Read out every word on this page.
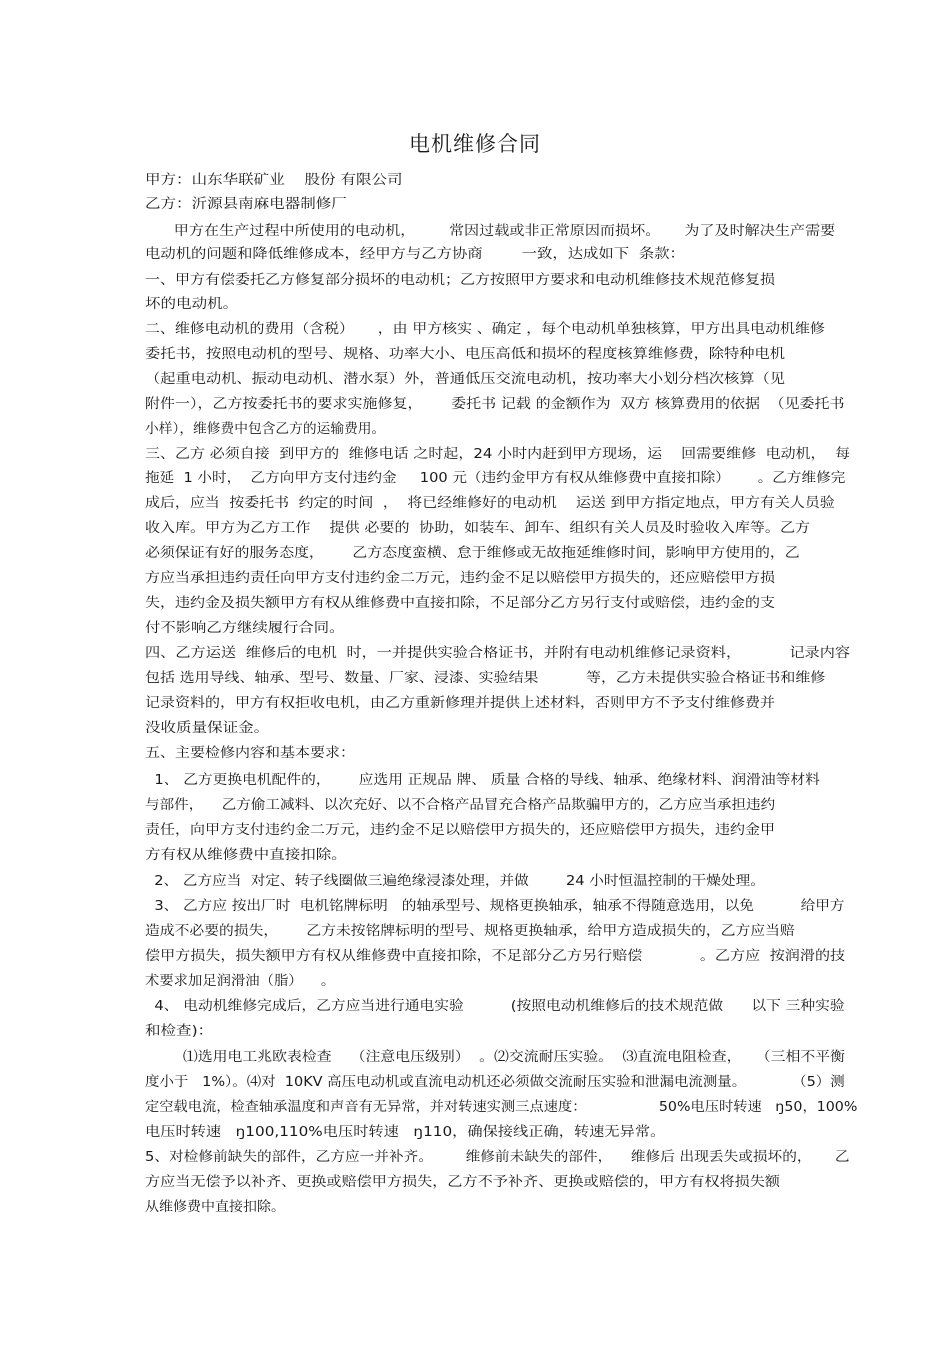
电机维修合同
甲方：山东华联矿业    股份 有限公司
乙方：沂源县南麻电器制修厂
甲方在生产过程中所使用的电动机，       常因过载或非正常原因而损坏。     为了及时解决生产需要
电动机的问题和降低维修成本，经甲方与乙方协商        一致，达成如下  条款：
一、甲方有偿委托乙方修复部分损坏的电动机；乙方按照甲方要求和电动机维修技术规范修复损
坏的电动机。
二、维修电动机的费用（含税）     ，由 甲方核实 、确定 ，每个电动机单独核算，甲方出具电动机维修
委托书，按照电动机的型号、规格、功率大小、电压高低和损坏的程度核算维修费，除特种电机
（起重电动机、振动电动机、潜水泵）外，普通低压交流电动机，按功率大小划分档次核算（见
附件一），乙方按委托书的要求实施修复，      委托书 记载 的金额作为  双方 核算费用的依据  （见委托书
小样），维修费中包含乙方的运输费用。
三、乙方 必须自接  到甲方的  维修电话 之时起，24 小时内赶到甲方现场，运    回需要维修  电动机，  每
拖延  1 小时，  乙方向甲方支付违约金     100 元（违约金甲方有权从维修费中直接扣除）      。乙方维修完
成后，应当  按委托书  约定的时间  ，  将已经维修好的电动机    运送 到甲方指定地点，甲方有关人员验
收入库。甲方为乙方工作    提供 必要的  协助，如装车、卸车、组织有关人员及时验收入库等。乙方
必须保证有好的服务态度，      乙方态度蛮横、怠于维修或无故拖延维修时间，影响甲方使用的，乙
方应当承担违约责任向甲方支付违约金二万元，违约金不足以赔偿甲方损失的，还应赔偿甲方损
失，违约金及损失额甲方有权从维修费中直接扣除，不足部分乙方另行支付或赔偿，违约金的支
付不影响乙方继续履行合同。
四、乙方运送  维修后的电机  时，一并提供实验合格证书，并附有电动机维修记录资料，          记录内容
包括 选用导线、轴承、型号、数量、厂家、浸漆、实验结果          等，乙方未提供实验合格证书和维修
记录资料的，甲方有权拒收电机，由乙方重新修理并提供上述材料，否则甲方不予支付维修费并
没收质量保证金。
五、主要检修内容和基本要求：
1、 乙方更换电机配件的，      应选用 正规品 牌、 质量 合格的导线、轴承、绝缘材料、润滑油等材料
与部件，    乙方偷工减料、以次充好、以不合格产品冒充合格产品欺骗甲方的，乙方应当承担违约
责任，向甲方支付违约金二万元，违约金不足以赔偿甲方损失的，还应赔偿甲方损失，违约金甲
方有权从维修费中直接扣除。
2、 乙方应当  对定、转子线圈做三遍绝缘浸漆处理，并做        24 小时恒温控制的干燥处理。
3、 乙方应 按出厂时  电机铭牌标明   的轴承型号、规格更换轴承，轴承不得随意选用，以免          给甲方
造成不必要的损失，      乙方未按铭牌标明的型号、规格更换轴承，给甲方造成损失的，乙方应当赔
偿甲方损失，损失额甲方有权从维修费中直接扣除，不足部分乙方另行赔偿            。乙方应  按润滑的技
术要求加足润滑油（脂）    。
4、 电动机维修完成后，乙方应当进行通电实验          (按照电动机维修后的技术规范做      以下 三种实验
和检查)：
⑴选用电工兆欧表检查    （注意电压级别）  。⑵交流耐压实验。  ⑶直流电阻检查，   （三相不平衡
度小于   1%）。⑷对  10KV 高压电动机或直流电动机还必须做交流耐压实验和泄漏电流测量。          （5）测
定空载电流，检查轴承温度和声音有无异常，并对转速实测三点速度：                50%电压时转速   ŋ50，100%
电压时转速   ŋ100,110%电压时转速   ŋ110，确保接线正确，转速无异常。
5、对检修前缺失的部件，乙方应一并补齐。       维修前未缺失的部件，    维修后 出现丢失或损坏的，     乙
方应当无偿予以补齐、更换或赔偿甲方损失，乙方不予补齐、更换或赔偿的，甲方有权将损失额
从维修费中直接扣除。
